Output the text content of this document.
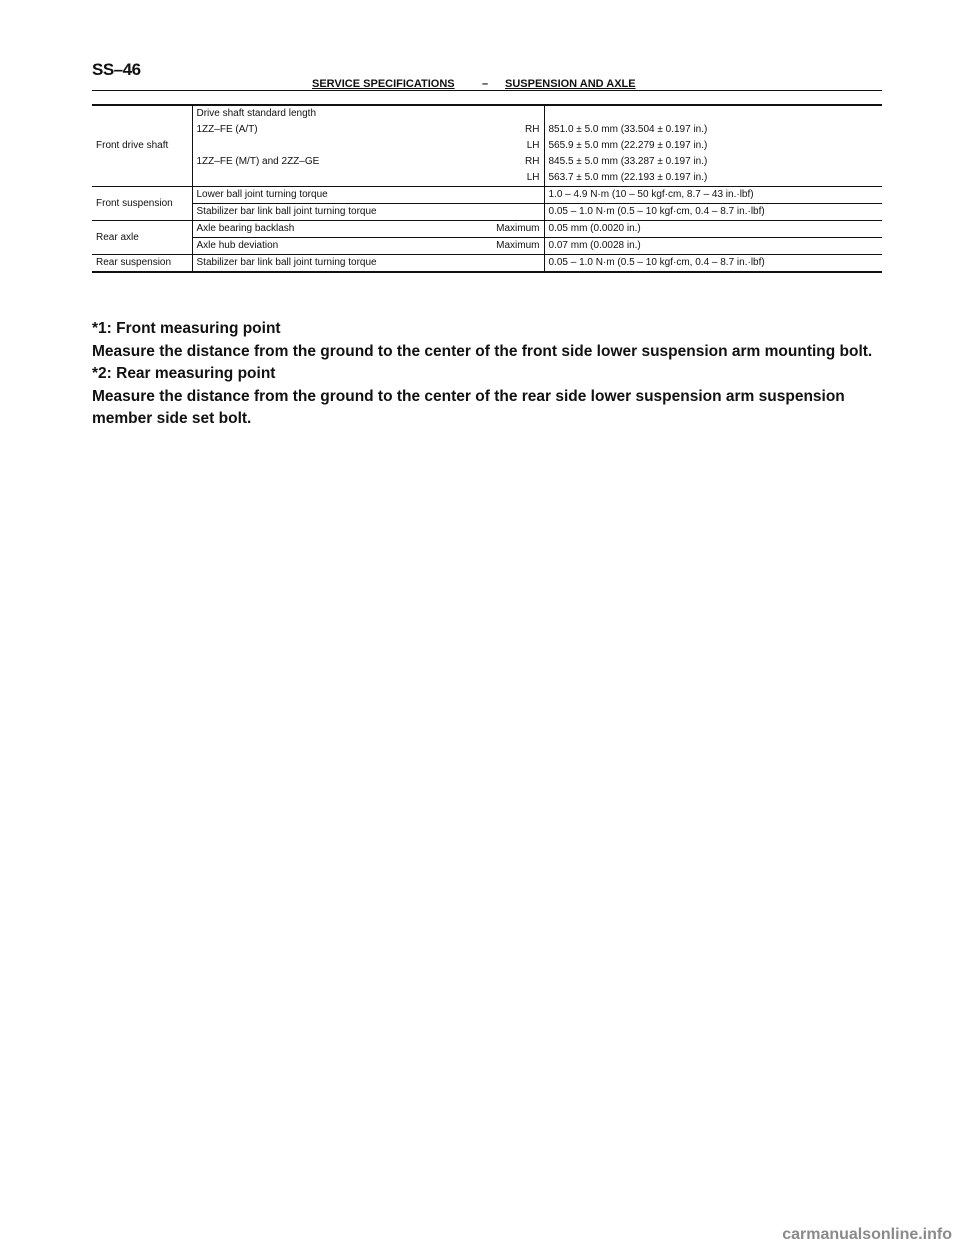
SS–46
SERVICE SPECIFICATIONS – SUSPENSION AND AXLE
Front drive shaft	Drive shaft standard length	

	1ZZ–FE (A/T) RH	851.0 ± 5.0 mm (33.504 ± 0.197 in.)

	LH	565.9 ± 5.0 mm (22.279 ± 0.197 in.)

	1ZZ–FE (M/T) and 2ZZ–GE RH	845.5 ± 5.0 mm (33.287 ± 0.197 in.)

	LH	563.7 ± 5.0 mm (22.193 ± 0.197 in.)
Front suspension	Lower ball joint turning torque	1.0 – 4.9 N·m (10 – 50 kgf·cm, 8.7 – 43 in.·lbf)
	Stabilizer bar link ball joint turning torque	0.05 – 1.0 N·m (0.5 – 10 kgf·cm, 0.4 – 8.7 in.·lbf)
Rear axle	Axle bearing backlash Maximum	0.05 mm (0.0020 in.)

	Axle hub deviation Maximum	0.07 mm (0.0028 in.)
Rear suspension	Stabilizer bar link ball joint turning torque	0.05 – 1.0 N·m (0.5 – 10 kgf·cm, 0.4 – 8.7 in.·lbf)

*1: Front measuring point

Measure the distance from the ground to the center of the front side lower suspension arm mounting bolt.

*2: Rear measuring point

Measure the distance from the ground to the center of the rear side lower suspension arm suspension member side set bolt.

carmanualsonline.info
